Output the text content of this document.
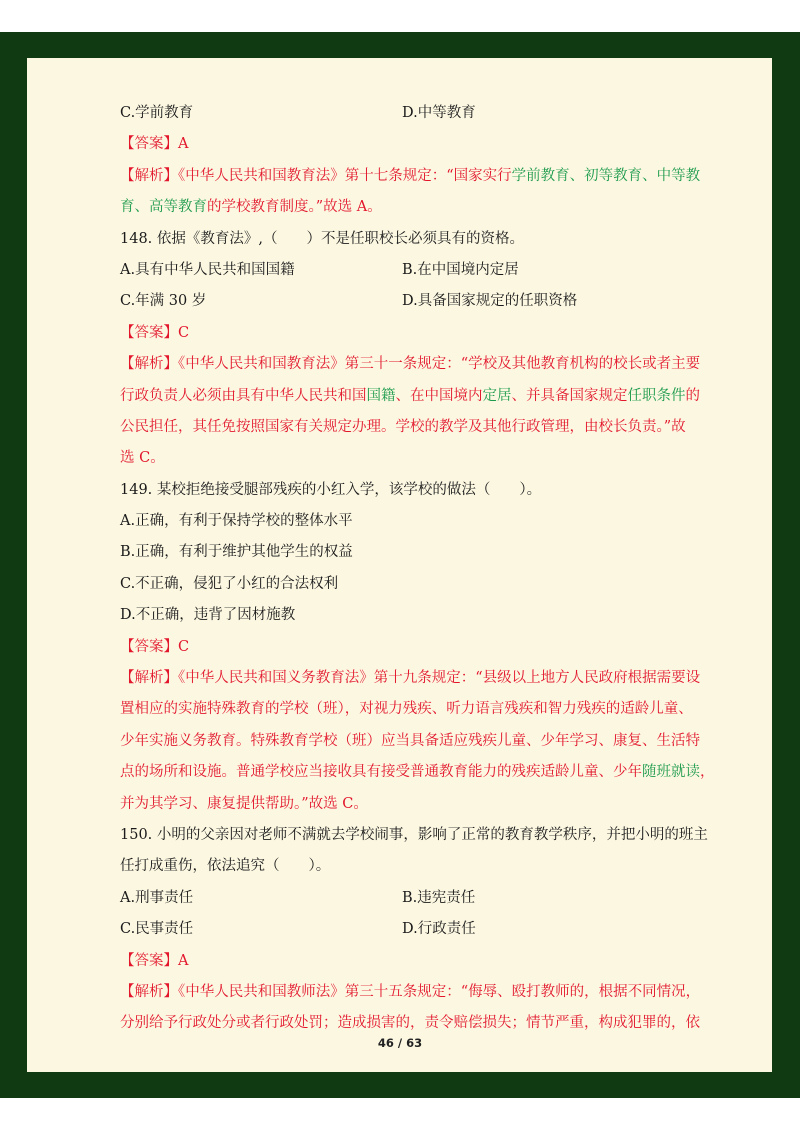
C.学前教育	D.中等教育
【答案】A
【解析】《中华人民共和国教育法》第十七条规定：“国家实行学前教育、初等教育、中等教
育、高等教育的学校教育制度。”故选 A。
148. 依据《教育法》,（　　）不是任职校长必须具有的资格。
A.具有中华人民共和国国籍	B.在中国境内定居
C.年满 30 岁	D.具备国家规定的任职资格
【答案】C
【解析】《中华人民共和国教育法》第三十一条规定：“学校及其他教育机构的校长或者主要
行政负责人必须由具有中华人民共和国国籍、在中国境内定居、并具备国家规定任职条件的
公民担任，其任免按照国家有关规定办理。学校的教学及其他行政管理，由校长负责。”故
选 C。
149. 某校拒绝接受腿部残疾的小红入学，该学校的做法（　　）。
A.正确，有利于保持学校的整体水平
B.正确，有利于维护其他学生的权益
C.不正确，侵犯了小红的合法权利
D.不正确，违背了因材施教
【答案】C
【解析】《中华人民共和国义务教育法》第十九条规定：“县级以上地方人民政府根据需要设
置相应的实施特殊教育的学校（班），对视力残疾、听力语言残疾和智力残疾的适龄儿童、
少年实施义务教育。特殊教育学校（班）应当具备适应残疾儿童、少年学习、康复、生活特
点的场所和设施。普通学校应当接收具有接受普通教育能力的残疾适龄儿童、少年随班就读，
并为其学习、康复提供帮助。”故选 C。
150. 小明的父亲因对老师不满就去学校闹事，影响了正常的教育教学秩序，并把小明的班主
任打成重伤，依法追究（　　）。
A.刑事责任	B.违宪责任
C.民事责任	D.行政责任
【答案】A
【解析】《中华人民共和国教师法》第三十五条规定：“侮辱、殴打教师的，根据不同情况，
分别给予行政处分或者行政处罚；造成损害的，责令赔偿损失；情节严重，构成犯罪的，依
46 / 63
